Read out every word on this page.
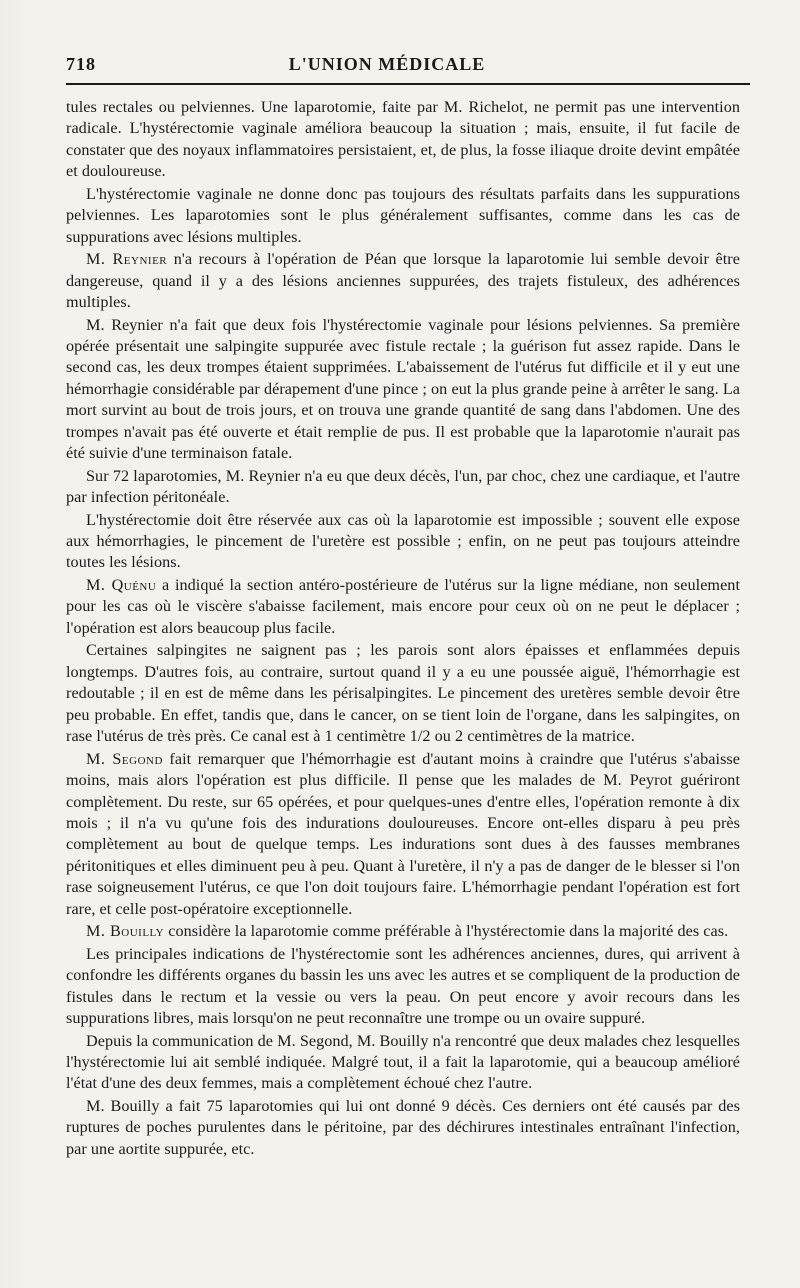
718	L'UNION MÉDICALE

tules rectales ou pelviennes. Une laparotomie, faite par M. Richelot, ne permit pas une intervention radicale. L'hystérectomie vaginale améliora beaucoup la situation ; mais, ensuite, il fut facile de constater que des noyaux inflammatoires persistaient, et, de plus, la fosse iliaque droite devint empâtée et douloureuse.

L'hystérectomie vaginale ne donne donc pas toujours des résultats parfaits dans les suppurations pelviennes. Les laparotomies sont le plus généralement suffisantes, comme dans les cas de suppurations avec lésions multiples.

M. Reynier n'a recours à l'opération de Péan que lorsque la laparotomie lui semble devoir être dangereuse, quand il y a des lésions anciennes suppurées, des trajets fistuleux, des adhérences multiples.

M. Reynier n'a fait que deux fois l'hystérectomie vaginale pour lésions pelviennes. Sa première opérée présentait une salpingite suppurée avec fistule rectale ; la guérison fut assez rapide. Dans le second cas, les deux trompes étaient supprimées. L'abaissement de l'utérus fut difficile et il y eut une hémorrhagie considérable par dérapement d'une pince ; on eut la plus grande peine à arrêter le sang. La mort survint au bout de trois jours, et on trouva une grande quantité de sang dans l'abdomen. Une des trompes n'avait pas été ouverte et était remplie de pus. Il est probable que la laparotomie n'aurait pas été suivie d'une terminaison fatale.

Sur 72 laparotomies, M. Reynier n'a eu que deux décès, l'un, par choc, chez une cardiaque, et l'autre par infection péritonéale.

L'hystérectomie doit être réservée aux cas où la laparotomie est impossible ; souvent elle expose aux hémorrhagies, le pincement de l'uretère est possible ; enfin, on ne peut pas toujours atteindre toutes les lésions.

M. Quénu a indiqué la section antéro-postérieure de l'utérus sur la ligne médiane, non seulement pour les cas où le viscère s'abaisse facilement, mais encore pour ceux où on ne peut le déplacer ; l'opération est alors beaucoup plus facile.

Certaines salpingites ne saignent pas ; les parois sont alors épaisses et enflammées depuis longtemps. D'autres fois, au contraire, surtout quand il y a eu une poussée aiguë, l'hémorrhagie est redoutable ; il en est de même dans les périsalpingites. Le pincement des uretères semble devoir être peu probable. En effet, tandis que, dans le cancer, on se tient loin de l'organe, dans les salpingites, on rase l'utérus de très près. Ce canal est à 1 centimètre 1/2 ou 2 centimètres de la matrice.

M. Segond fait remarquer que l'hémorrhagie est d'autant moins à craindre que l'utérus s'abaisse moins, mais alors l'opération est plus difficile. Il pense que les malades de M. Peyrot guériront complètement. Du reste, sur 65 opérées, et pour quelques-unes d'entre elles, l'opération remonte à dix mois ; il n'a vu qu'une fois des indurations douloureuses. Encore ont-elles disparu à peu près complètement au bout de quelque temps. Les indurations sont dues à des fausses membranes péritonitiques et elles diminuent peu à peu. Quant à l'uretère, il n'y a pas de danger de le blesser si l'on rase soigneusement l'utérus, ce que l'on doit toujours faire. L'hémorrhagie pendant l'opération est fort rare, et celle post-opératoire exceptionnelle.

M. Bouilly considère la laparotomie comme préférable à l'hystérectomie dans la majorité des cas.

Les principales indications de l'hystérectomie sont les adhérences anciennes, dures, qui arrivent à confondre les différents organes du bassin les uns avec les autres et se compliquent de la production de fistules dans le rectum et la vessie ou vers la peau. On peut encore y avoir recours dans les suppurations libres, mais lorsqu'on ne peut reconnaître une trompe ou un ovaire suppuré.

Depuis la communication de M. Segond, M. Bouilly n'a rencontré que deux malades chez lesquelles l'hystérectomie lui ait semblé indiquée. Malgré tout, il a fait la laparotomie, qui a beaucoup amélioré l'état d'une des deux femmes, mais a complètement échoué chez l'autre.

M. Bouilly a fait 75 laparotomies qui lui ont donné 9 décès. Ces derniers ont été causés par des ruptures de poches purulentes dans le péritoine, par des déchirures intestinales entraînant l'infection, par une aortite suppurée, etc.
